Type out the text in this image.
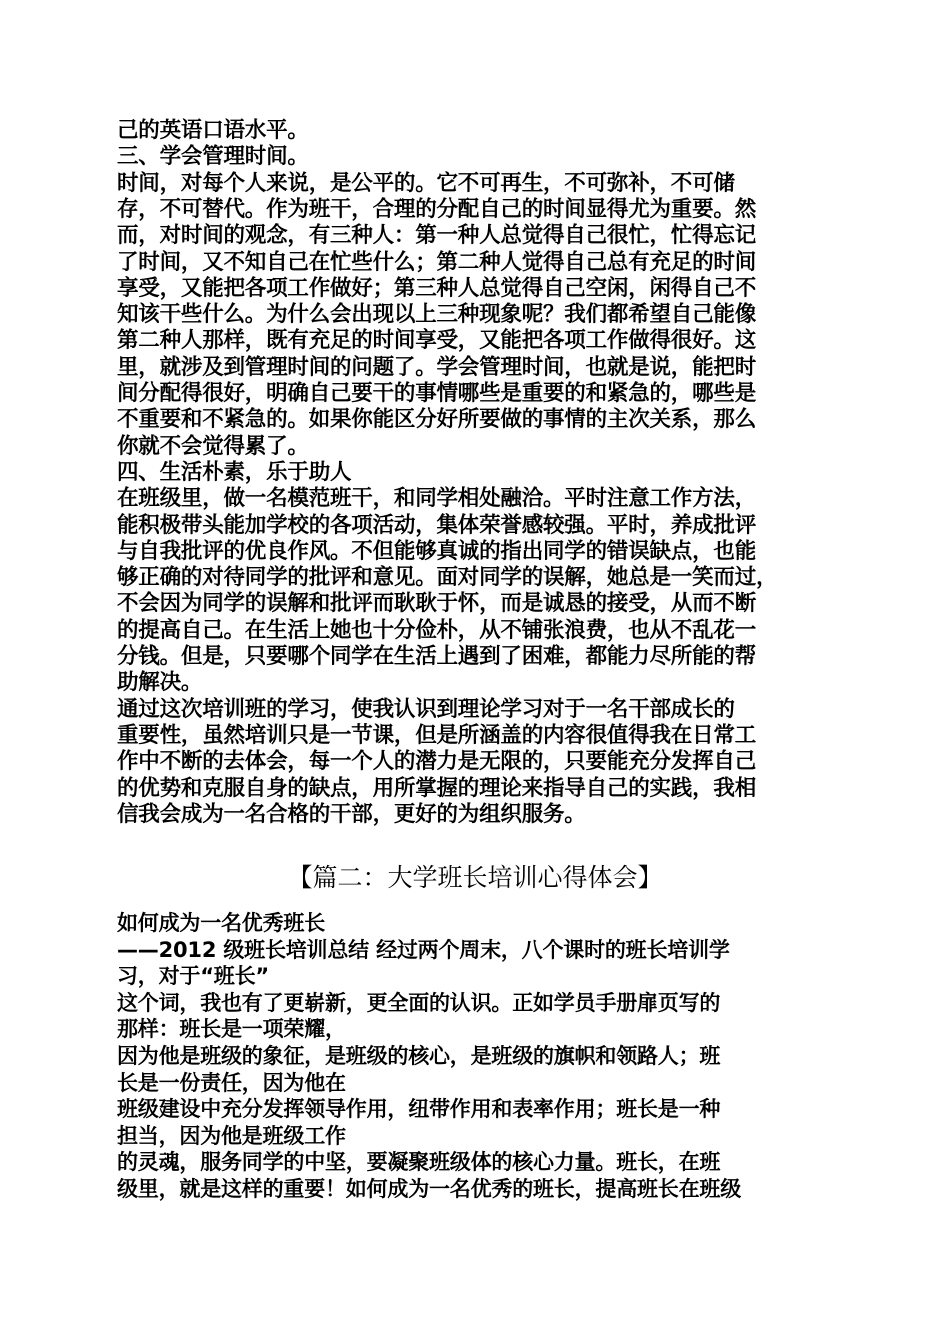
己的英语口语水平。
三、学会管理时间。
时间，对每个人来说，是公平的。它不可再生，不可弥补，不可储
存，不可替代。作为班干，合理的分配自己的时间显得尤为重要。然
而，对时间的观念，有三种人：第一种人总觉得自己很忙，忙得忘记
了时间，又不知自己在忙些什么；第二种人觉得自己总有充足的时间
享受，又能把各项工作做好；第三种人总觉得自己空闲，闲得自己不
知该干些什么。为什么会出现以上三种现象呢？我们都希望自己能像
第二种人那样，既有充足的时间享受，又能把各项工作做得很好。这
里，就涉及到管理时间的问题了。学会管理时间，也就是说，能把时
间分配得很好，明确自己要干的事情哪些是重要的和紧急的，哪些是
不重要和不紧急的。如果你能区分好所要做的事情的主次关系，那么
你就不会觉得累了。
四、生活朴素，乐于助人
在班级里，做一名模范班干，和同学相处融洽。平时注意工作方法，
能积极带头能加学校的各项活动，集体荣誉感较强。平时，养成批评
与自我批评的优良作风。不但能够真诚的指出同学的错误缺点，也能
够正确的对待同学的批评和意见。面对同学的误解，她总是一笑而过，
不会因为同学的误解和批评而耿耿于怀，而是诚恳的接受，从而不断
的提高自己。在生活上她也十分俭朴，从不铺张浪费，也从不乱花一
分钱。但是，只要哪个同学在生活上遇到了困难，都能力尽所能的帮
助解决。
通过这次培训班的学习，使我认识到理论学习对于一名干部成长的
重要性，虽然培训只是一节课，但是所涵盖的内容很值得我在日常工
作中不断的去体会，每一个人的潜力是无限的，只要能充分发挥自己
的优势和克服自身的缺点，用所掌握的理论来指导自己的实践，我相
信我会成为一名合格的干部，更好的为组织服务。
【篇二：大学班长培训心得体会】
如何成为一名优秀班长
——2012 级班长培训总结 经过两个周末，八个课时的班长培训学
习，对于“班长”
这个词，我也有了更崭新，更全面的认识。正如学员手册扉页写的
那样：班长是一项荣耀，
因为他是班级的象征，是班级的核心，是班级的旗帜和领路人；班
长是一份责任，因为他在
班级建设中充分发挥领导作用，纽带作用和表率作用；班长是一种
担当，因为他是班级工作
的灵魂，服务同学的中坚，要凝聚班级体的核心力量。班长，在班
级里，就是这样的重要！如何成为一名优秀的班长，提高班长在班级
